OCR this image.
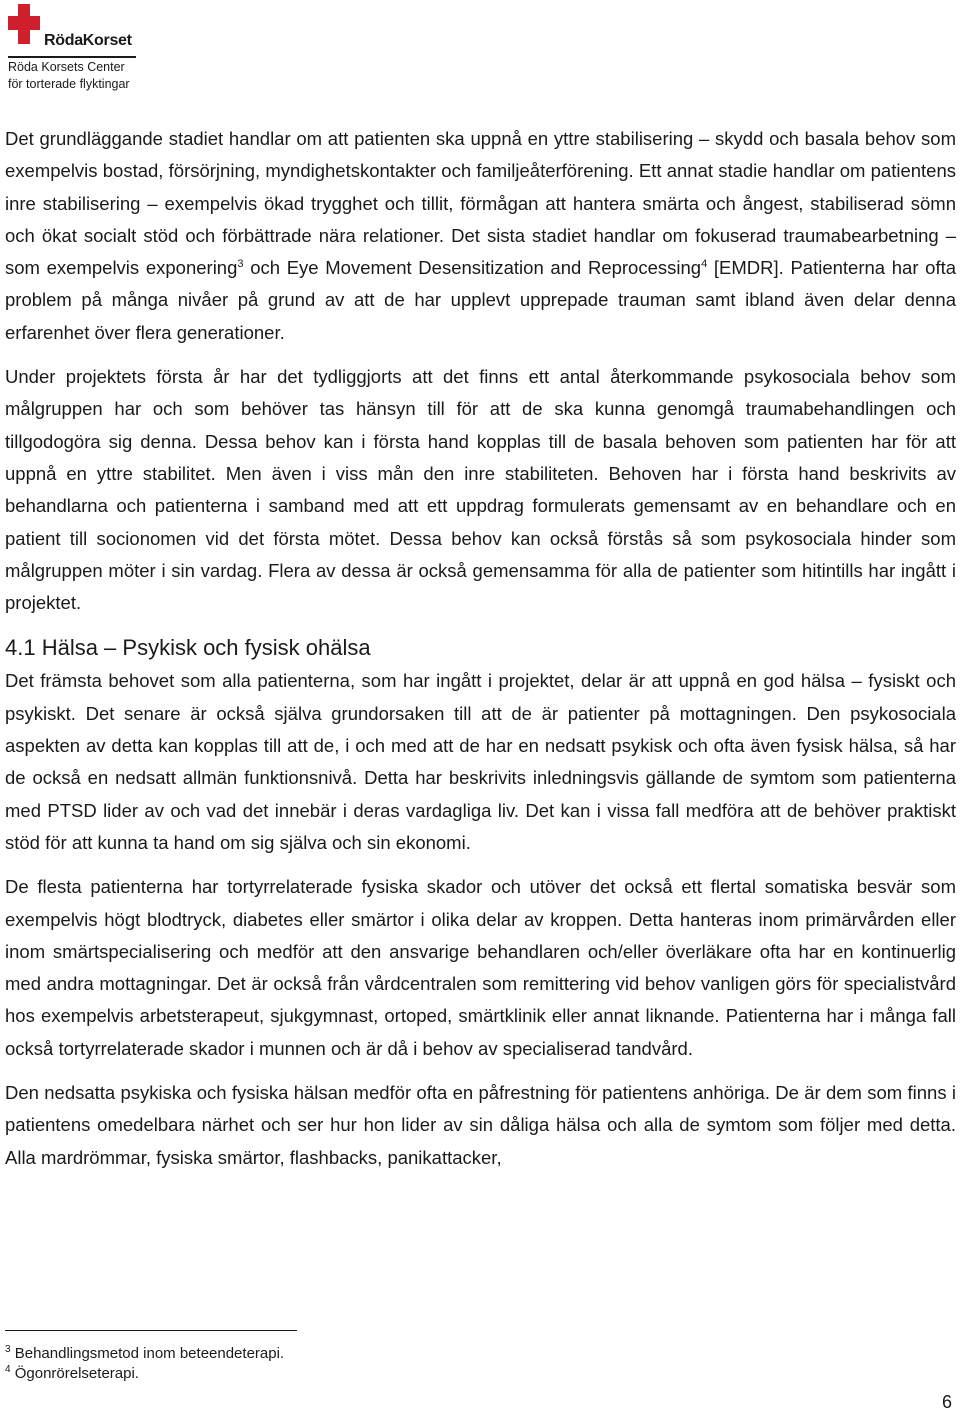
RödaKorset
Röda Korsets Center
för torterade flyktingar

Det grundläggande stadiet handlar om att patienten ska uppnå en yttre stabilisering – skydd och basala behov som exempelvis bostad, försörjning, myndighetskontakter och familjeåterförening. Ett annat stadie handlar om patientens inre stabilisering – exempelvis ökad trygghet och tillit, förmågan att hantera smärta och ångest, stabiliserad sömn och ökat socialt stöd och förbättrade nära relationer. Det sista stadiet handlar om fokuserad traumabearbetning – som exempelvis exponering$^3$ och Eye Movement Desensitization and Reprocessing$^4$ [EMDR]. Patienterna har ofta problem på många nivåer på grund av att de har upplevt upprepade trauman samt ibland även delar denna erfarenhet över flera generationer.

Under projektets första år har det tydliggjorts att det finns ett antal återkommande psykosociala behov som målgruppen har och som behöver tas hänsyn till för att de ska kunna genomgå traumabehandlingen och tillgodogöra sig denna. Dessa behov kan i första hand kopplas till de basala behoven som patienten har för att uppnå en yttre stabilitet. Men även i viss mån den inre stabiliteten. Behoven har i första hand beskrivits av behandlarna och patienterna i samband med att ett uppdrag formulerats gemensamt av en behandlare och en patient till socionomen vid det första mötet. Dessa behov kan också förstås så som psykosociala hinder som målgruppen möter i sin vardag. Flera av dessa är också gemensamma för alla de patienter som hitintills har ingått i projektet.

4.1 Hälsa – Psykisk och fysisk ohälsa

Det främsta behovet som alla patienterna, som har ingått i projektet, delar är att uppnå en god hälsa – fysiskt och psykiskt. Det senare är också själva grundorsaken till att de är patienter på mottagningen. Den psykosociala aspekten av detta kan kopplas till att de, i och med att de har en nedsatt psykisk och ofta även fysisk hälsa, så har de också en nedsatt allmän funktionsnivå. Detta har beskrivits inledningsvis gällande de symtom som patienterna med PTSD lider av och vad det innebär i deras vardagliga liv. Det kan i vissa fall medföra att de behöver praktiskt stöd för att kunna ta hand om sig själva och sin ekonomi.

De flesta patienterna har tortyrrelaterade fysiska skador och utöver det också ett flertal somatiska besvär som exempelvis högt blodtryck, diabetes eller smärtor i olika delar av kroppen. Detta hanteras inom primärvården eller inom smärtspecialisering och medför att den ansvarige behandlaren och/eller överläkare ofta har en kontinuerlig med andra mottagningar. Det är också från vårdcentralen som remittering vid behov vanligen görs för specialistvård hos exempelvis arbetsterapeut, sjukgymnast, ortoped, smärtklinik eller annat liknande. Patienterna har i många fall också tortyrrelaterade skador i munnen och är då i behov av specialiserad tandvård.

Den nedsatta psykiska och fysiska hälsan medför ofta en påfrestning för patientens anhöriga. De är dem som finns i patientens omedelbara närhet och ser hur hon lider av sin dåliga hälsa och alla de symtom som följer med detta. Alla mardrömmar, fysiska smärtor, flashbacks, panikattacker,

$^3$ Behandlingsmetod inom beteendeterapi.
$^4$ Ögonrörelseterapi.
6
